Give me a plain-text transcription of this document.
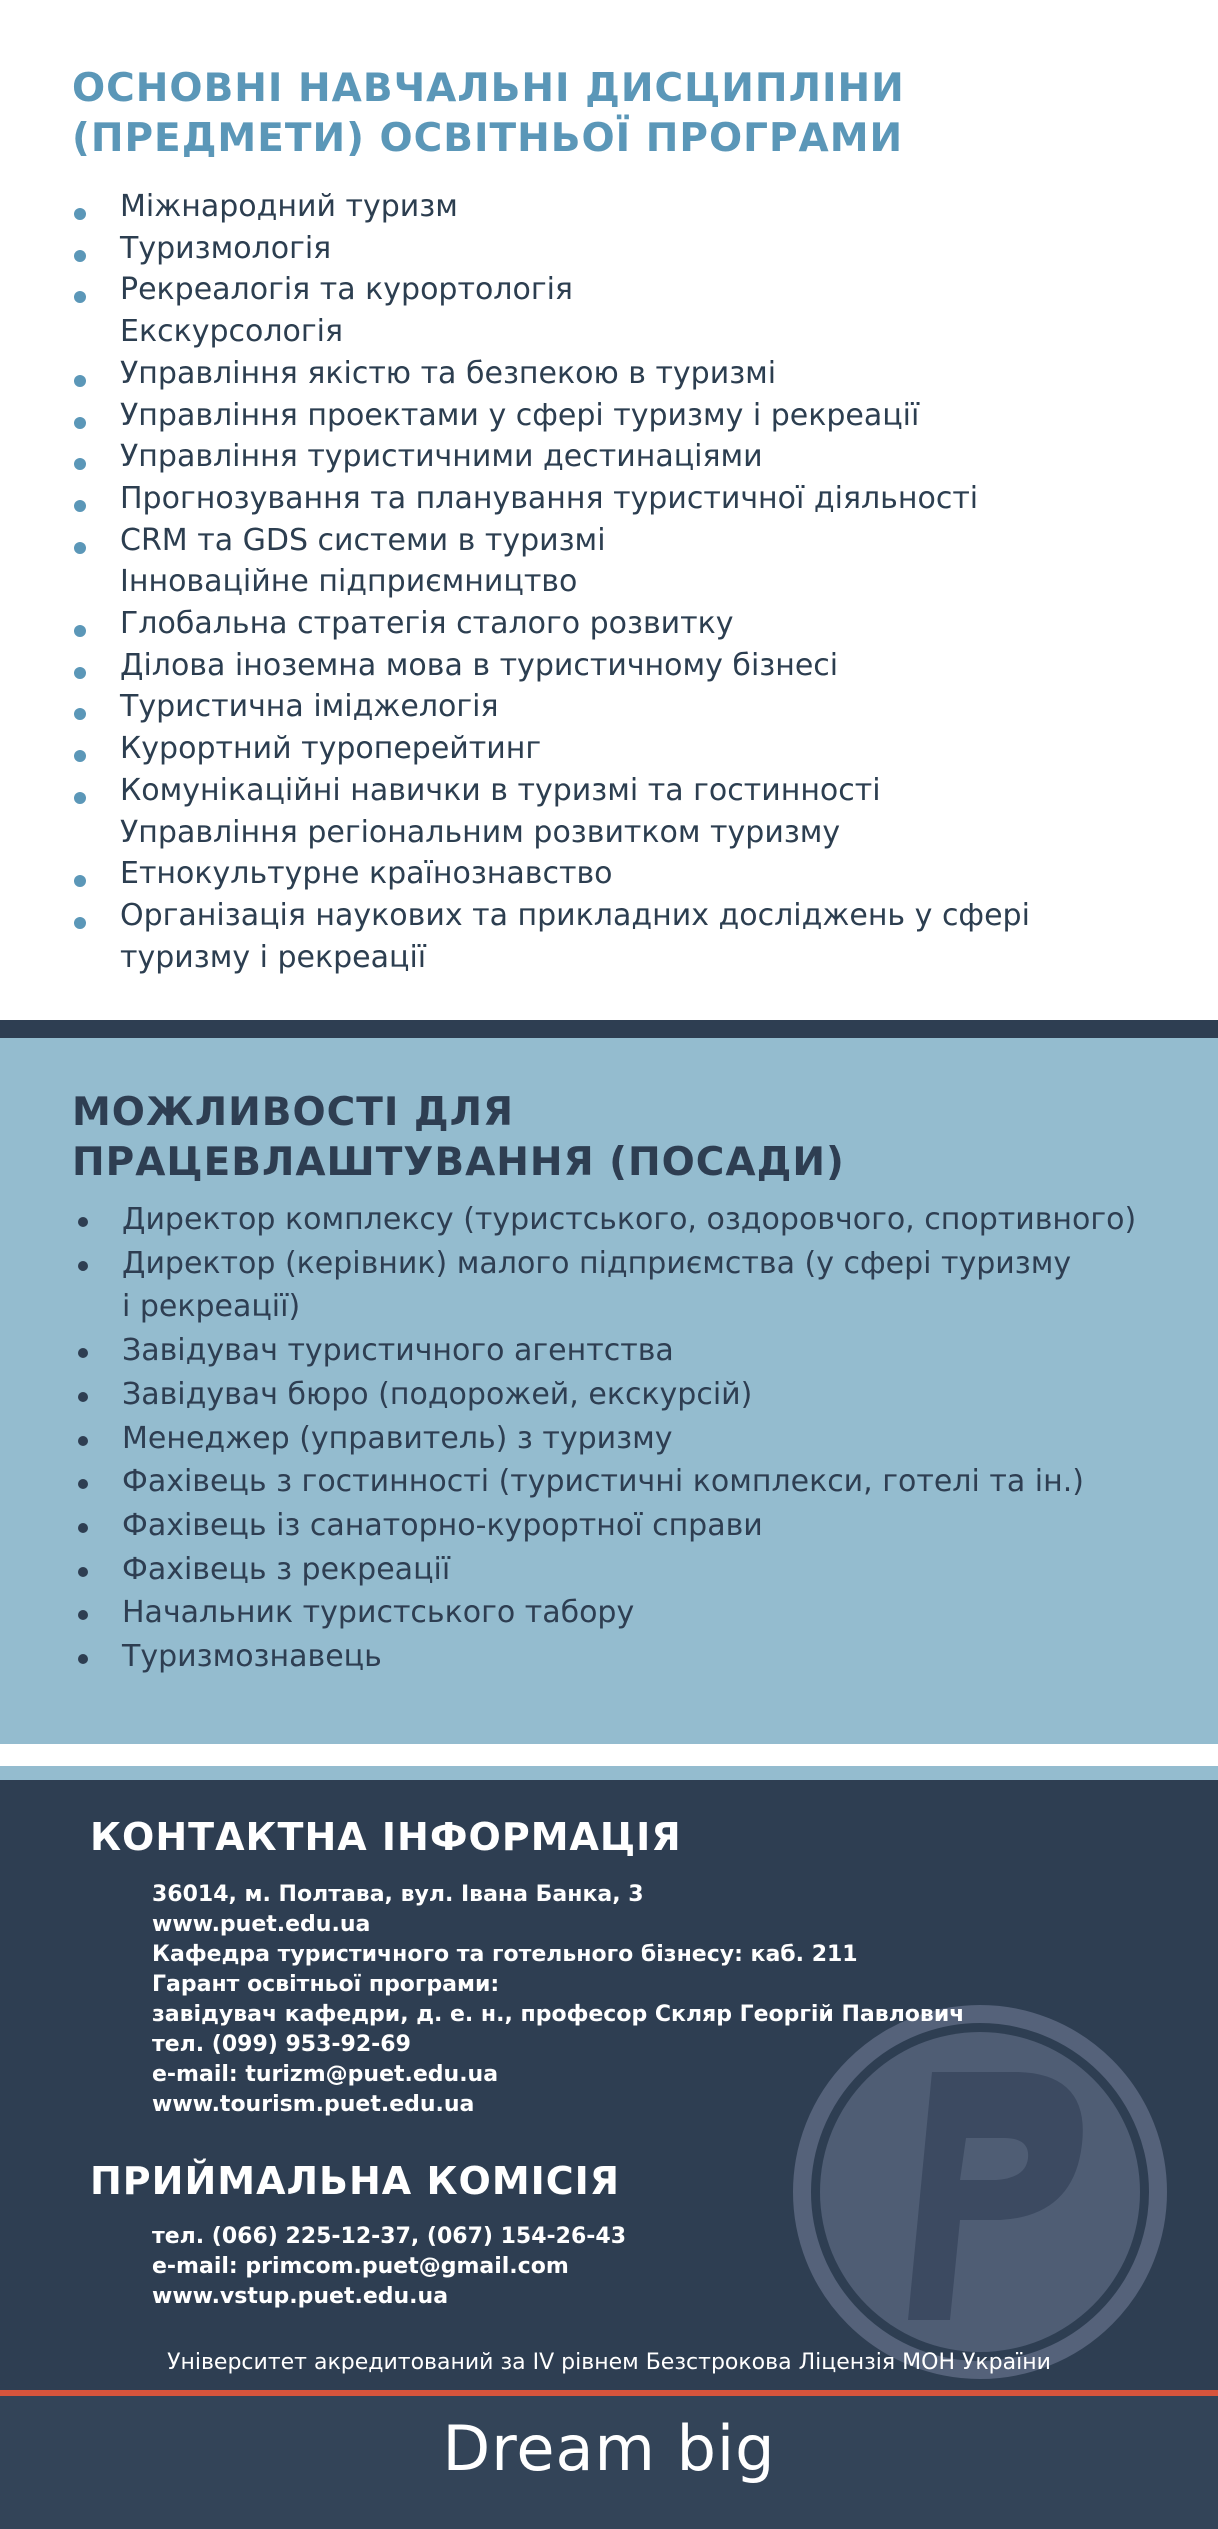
ОСНОВНІ НАВЧАЛЬНІ ДИСЦИПЛІНИ
(ПРЕДМЕТИ) ОСВІТНЬОЇ ПРОГРАМИ
Міжнародний туризм
Туризмологія
Рекреалогія та курортологія
Екскурсологія
Управління якістю та безпекою в туризмі
Управління проектами у сфері туризму і рекреації
Управління туристичними дестинаціями
Прогнозування та планування туристичної діяльності
CRM та GDS системи в туризмі
Інноваційне підприємництво
Глобальна стратегія сталого розвитку
Ділова іноземна мова в туристичному бізнесі
Туристична іміджелогія
Курортний туроперейтинг
Комунікаційні навички в туризмі та гостинності
Управління регіональним розвитком туризму
Етнокультурне країнознавство
Організація наукових та прикладних досліджень у сфері
туризму і рекреації
МОЖЛИВОСТІ ДЛЯ
ПРАЦЕВЛАШТУВАННЯ (ПОСАДИ)
Директор комплексу (туристського, оздоровчого, спортивного)
Директор (керівник) малого підприємства (у сфері туризму
і рекреації)
Завідувач туристичного агентства
Завідувач бюро (подорожей, екскурсій)
Менеджер (управитель) з туризму
Фахівець з гостинності (туристичні комплекси, готелі та ін.)
Фахівець із санаторно-курортної справи
Фахівець з рекреації
Начальник туристського табору
Туризмознавець
КОНТАКТНА ІНФОРМАЦІЯ
36014, м. Полтава, вул. Івана Банка, 3
www.puet.edu.ua
Кафедра туристичного та готельного бізнесу: каб. 211
Гарант освітньої програми:
завідувач кафедри, д. е. н., професор Скляр Георгій Павлович
тел. (099) 953-92-69
e-mail: turizm@puet.edu.ua
www.tourism.puet.edu.ua
ПРИЙМАЛЬНА КОМІСІЯ
тел. (066) 225-12-37, (067) 154-26-43
e-mail: primcom.puet@gmail.com
www.vstup.puet.edu.ua
Університет акредитований за IV рівнем Безстрокова Ліцензія МОН України
Dream big
